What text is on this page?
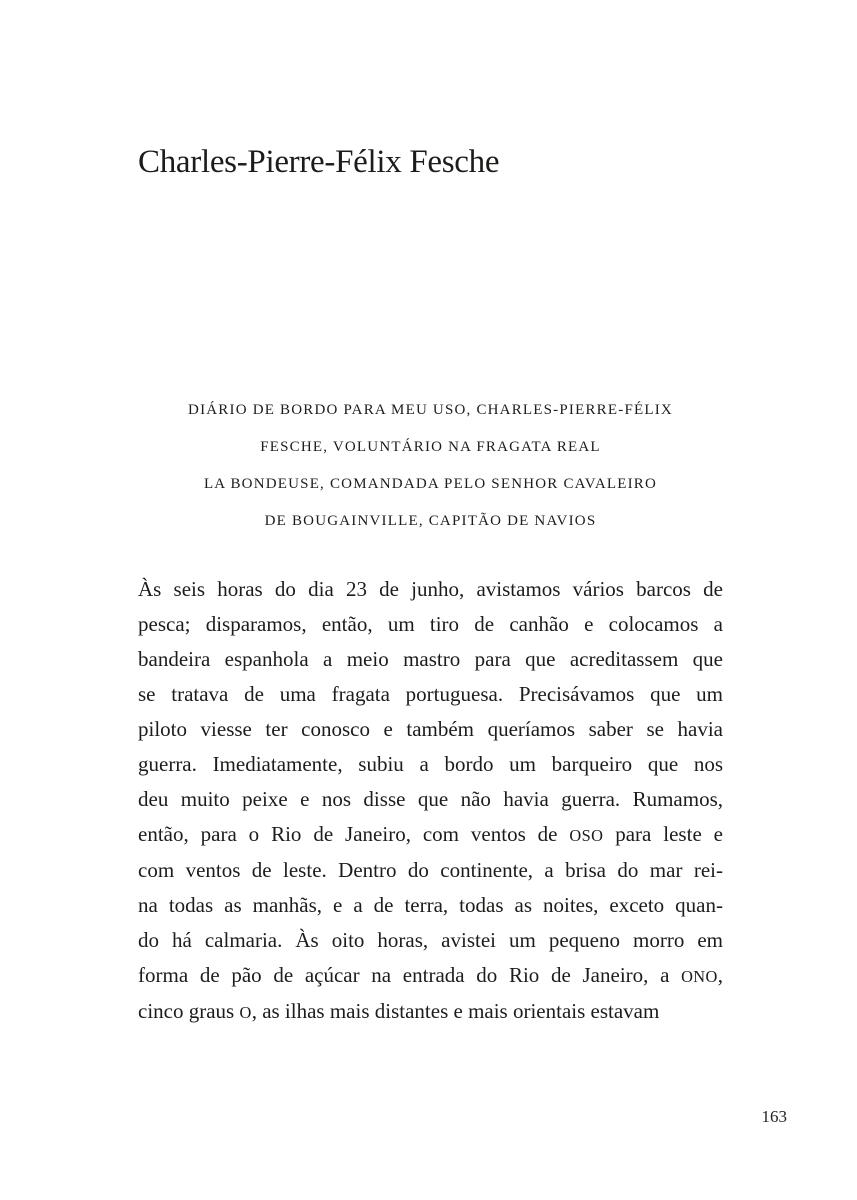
Charles-Pierre-Félix Fesche
DIÁRIO DE BORDO PARA MEU USO, CHARLES-PIERRE-FÉLIX
FESCHE, VOLUNTÁRIO NA FRAGATA REAL
LA BONDEUSE, COMANDADA PELO SENHOR CAVALEIRO
DE BOUGAINVILLE, CAPITÃO DE NAVIOS
Às seis horas do dia 23 de junho, avistamos vários barcos de
pesca; disparamos, então, um tiro de canhão e colocamos a
bandeira espanhola a meio mastro para que acreditassem que
se tratava de uma fragata portuguesa. Precisávamos que um
piloto viesse ter conosco e também queríamos saber se havia
guerra. Imediatamente, subiu a bordo um barqueiro que nos
deu muito peixe e nos disse que não havia guerra. Rumamos,
então, para o Rio de Janeiro, com ventos de OSO para leste e
com ventos de leste. Dentro do continente, a brisa do mar rei-
na todas as manhãs, e a de terra, todas as noites, exceto quan-
do há calmaria. Às oito horas, avistei um pequeno morro em
forma de pão de açúcar na entrada do Rio de Janeiro, a ONO,
cinco graus O, as ilhas mais distantes e mais orientais estavam
163
